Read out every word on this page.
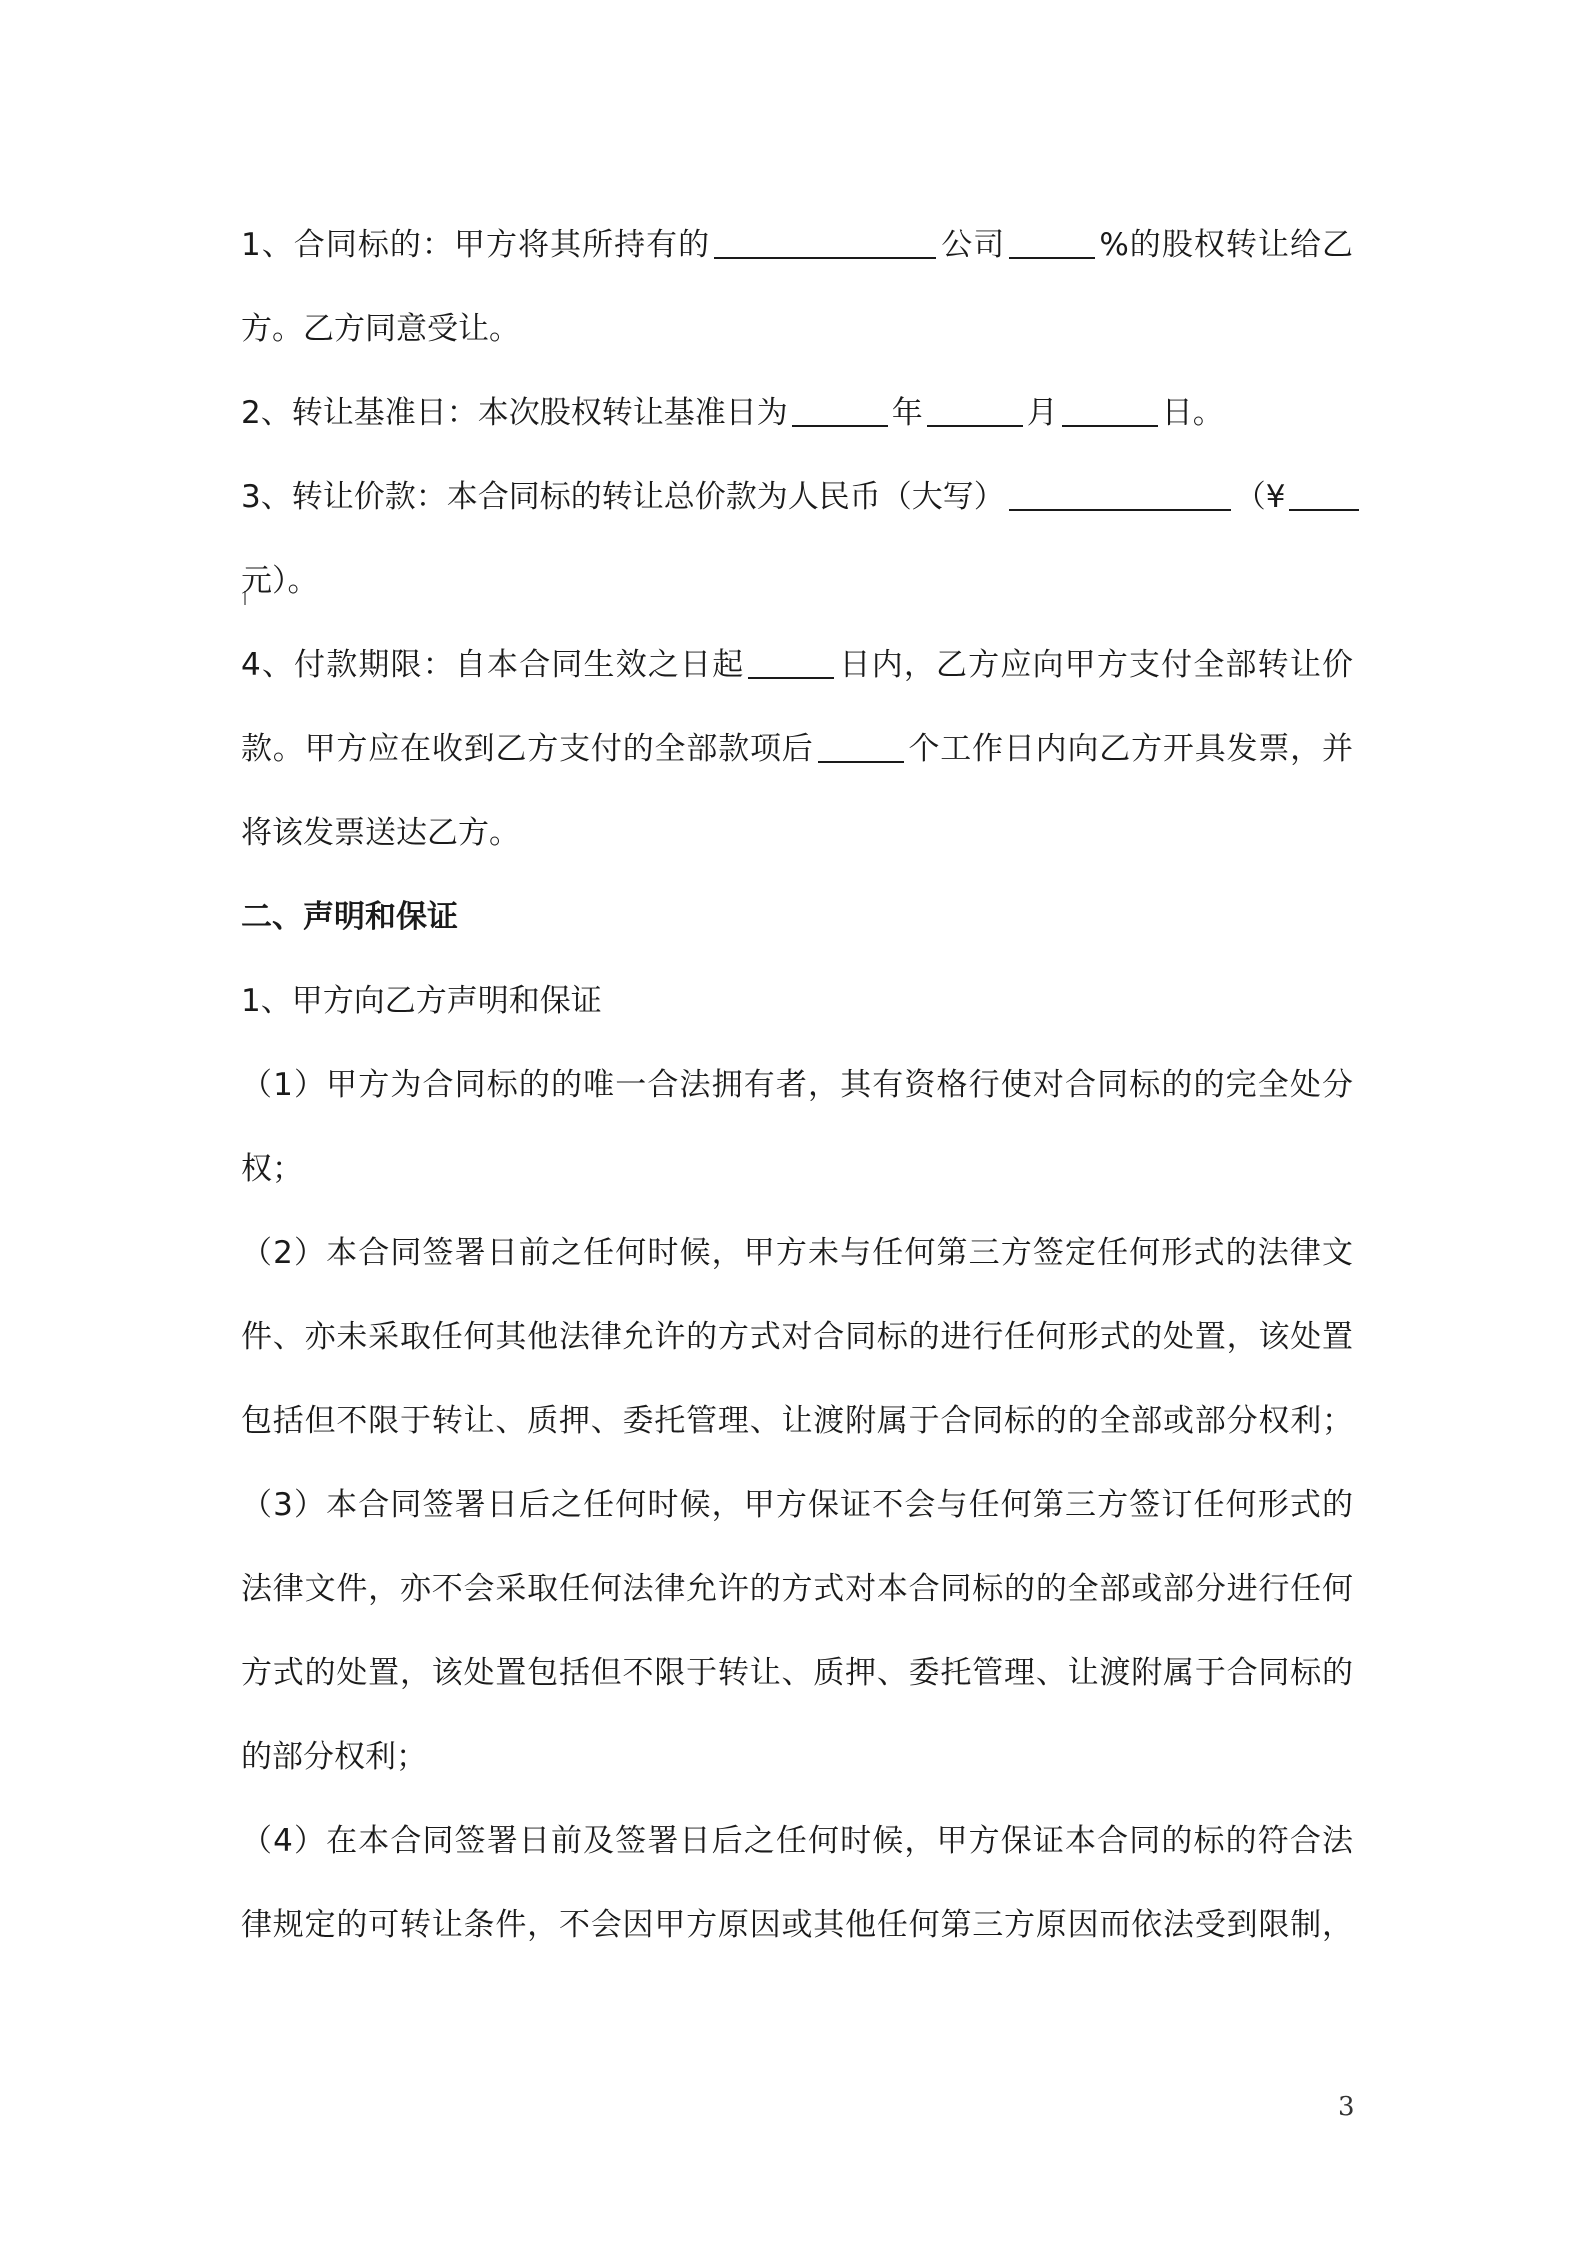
1、合同标的：甲方将其所持有的	公司	%的股权转让给乙
方。乙方同意受让。
2、转让基准日：本次股权转让基准日为	年	月	日。
3、转让价款：本合同标的转让总价款为人民币（大写）	（¥
元）。
4、付款期限：自本合同生效之日起	日内，乙方应向甲方支付全部转让价
款。甲方应在收到乙方支付的全部款项后	个工作日内向乙方开具发票，并
将该发票送达乙方。
二、声明和保证
1、甲方向乙方声明和保证
（1）甲方为合同标的的唯一合法拥有者，其有资格行使对合同标的的完全处分
权；
（2）本合同签署日前之任何时候，甲方未与任何第三方签定任何形式的法律文
件、亦未采取任何其他法律允许的方式对合同标的进行任何形式的处置，该处置
包括但不限于转让、质押、委托管理、让渡附属于合同标的的全部或部分权利；
（3）本合同签署日后之任何时候，甲方保证不会与任何第三方签订任何形式的
法律文件，亦不会采取任何法律允许的方式对本合同标的的全部或部分进行任何
方式的处置，该处置包括但不限于转让、质押、委托管理、让渡附属于合同标的
的部分权利；
（4）在本合同签署日前及签署日后之任何时候，甲方保证本合同的标的符合法
律规定的可转让条件，不会因甲方原因或其他任何第三方原因而依法受到限制，
3
